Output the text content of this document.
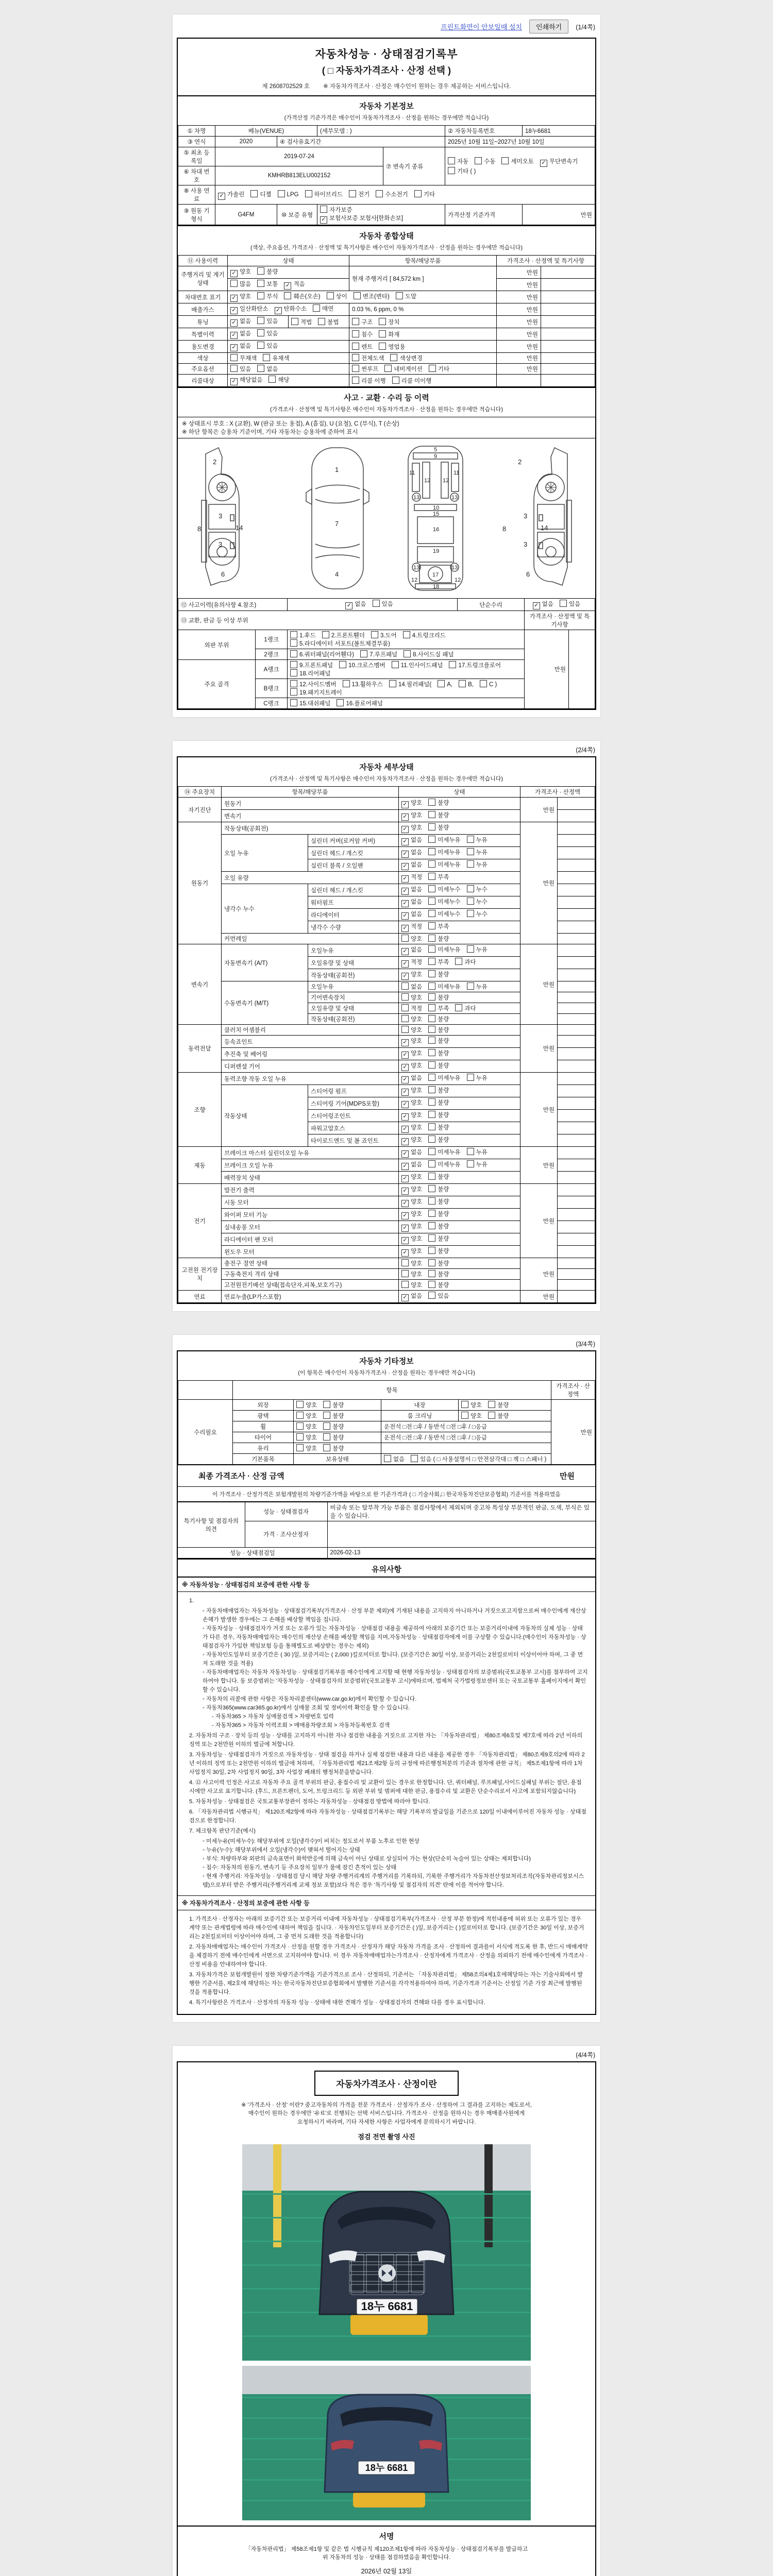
프린트화면이 안보일때 설치	인쇄하기	(1/4쪽)
자동차성능 · 상태점검기록부
( □ 자동차가격조사 · 산정 선택 )
제 2608702529 호 ※ 자동차가격조사 · 산정은 매수인이 원하는 경우 제공하는 서비스입니다.
자동차 기본정보
(가격산정 기준가격은 매수인이 자동차가격조사 · 산정을 원하는 경우에만 적습니다)
① 차명	베뉴(VENUE)		(세부모델 : )		② 자동차등록번호	18누6681
③ 연식	2020	④ 검사유효기간			2025년 10월 11일~2027년 10월 10일	
⑤ 최초 등록일	2019-07-24			⑦ 변속기 종류	자동 수동 세미오토 ✓ 무단변속기기타 ( )	
⑥ 차대 번호	KMHRB813ELU002152					
⑧ 사용 연료	✓ 가솔린 디젤 LPG 하이브리드 전기 수소전기 기타					
⑨ 원동 기형식	G4FM	⑩ 보증 유형	자가보증✓ 보험사보증 보험사[한화손보]		가격산정 기준가격	만원
자동차 종합상태
(색상, 주요옵션, 가격조사 · 산정액 및 특기사항은 매수인이 자동차가격조사 · 산정을 원하는 경우에만 적습니다)
⑪ 사용이력	상태		항목/해당부품	가격조사 · 산정액 및 특기사항	
주행거리 및 계기상태	✓ 양호 불량		현재 주행거리 [ 84,572 km ]	만원	
	많음 보통 ✓ 적음			만원	
차대번호 표기	✓ 양호 부식 훼손(오손) 상이 변조(변타) 도말			만원	
배출가스	✓ 일산화탄소 ✓ 탄화수소 매연		0.03 %, 6 ppm, 0 %	만원	
튜닝	✓ 없음 있음	적법 불법	구조 장치	만원	
특별이력	✓ 없음 있음		침수 화재	만원	
용도변경	✓ 없음 있음		렌트 영업용	만원	
색상	무채색 유채색		전체도색 색상변경	만원	
주요옵션	있음 없음		썬루프 네비게이션 기타	만원	
리콜대상	✓ 해당없음 해당		리콜 이행 리콜 미이행		
사고 · 교환 · 수리 등 이력
(가격조사 · 산정액 및 특기사항은 매수인이 자동차가격조사 · 산정을 원하는 경우에만 적습니다)
※ 상태표시 부호 : X (교환), W (판금 또는 용접), A (흠집), U (요철), C (부식), T (손상)
※ 하단 항목은 승용차 기준이며, 기타 자동차는 승용차에 준하여 표시
2
3
3
8	14
6
1
7
4
5
9
11	11
12 12
13	13
10
15
16
19
13	13
12	12
17
18
2
3
3
8	14
6
⑫ 사고이력(유의사항 4.참조)		✓ 없음 있음	단순수리	✓ 없음 있음	
⑬ 교환, 판금 등 이상 부위				가격조사 · 산정액 및 특기사항	
외판 부위	1랭크	1.후드 2.프론트휀더 3.도어 4.트렁크리드5.라디에이터 서포트(볼트체결부품)		만원	
	2랭크	6.쿼터패널(리어휀다) 7.루프패널 8.사이드실 패널			
주요 골격	A랭크	9.프론트패널 10.크로스멤버 11.인사이드패널 17.트렁크플로어18.리어패널			
	B랭크	12.사이드멤버 13.휠하우스 14.필러패널( A, B, C )19.패키지트레이			
	C랭크	15.대쉬패널 16.플로어패널			
(2/4쪽)
자동차 세부상태
(가격조사 · 산정액 및 특기사항은 매수인이 자동차가격조사 · 산정을 원하는 경우에만 적습니다)
⑭ 주요장치	항목/해당부품		상태	가격조사 · 산정액	
자기진단	원동기		✓ 양호 불량	만원	
	변속기		✓ 양호 불량		
원동기	작동상태(공회전)		✓ 양호 불량	만원	
	오일 누유	실린더 커버(로커암 커버)	✓ 없음 미세누유 누유		
		실린더 헤드 / 개스킷	✓ 없음 미세누유 누유		
		실린더 블록 / 오일팬	✓ 없음 미세누유 누유		
	오일 유량		✓ 적정 부족		
	냉각수 누수	실린더 헤드 / 개스킷	✓ 없음 미세누수 누수		
		워터펌프	✓ 없음 미세누수 누수		
		라디에이터	✓ 없음 미세누수 누수		
		냉각수 수량	✓ 적정 부족		
	커먼레일		양호 불량		
변속기	자동변속기 (A/T)	오일누유	✓ 없음 미세누유 누유	만원	
		오일유량 및 상태	✓ 적정 부족 과다		
		작동상태(공회전)	✓ 양호 불량		
	수동변속기 (M/T)	오일누유	없음 미세누유 누유		
		기어변속장치	양호 불량		
		오일유량 및 상태	적정 부족 과다		
		작동상태(공회전)	양호 불량		
동력전달	클러치 어셈블리		양호 불량	만원	
	등속죠인트		✓ 양호 불량		
	추진축 및 베어링		✓ 양호 불량		
	디퍼렌셜 기어		✓ 양호 불량		
조향	동력조향 작동 오일 누유		✓ 없음 미세누유 누유	만원	
	작동상태	스티어링 펌프	✓ 양호 불량		
		스티어링 기어(MDPS포함)	✓ 양호 불량		
		스티어링조인트	✓ 양호 불량		
		파워고압호스	✓ 양호 불량		
		타이로드엔드 및 볼 죠인트	✓ 양호 불량		
제동	브레이크 마스터 실린더오일 누유		✓ 없음 미세누유 누유	만원	
	브레이크 오일 누유		✓ 없음 미세누유 누유		
	배력장치 상태		✓ 양호 불량		
전기	발전기 출력		✓ 양호 불량	만원	
	시동 모터		✓ 양호 불량		
	와이퍼 모터 기능		✓ 양호 불량		
	실내송풍 모터		✓ 양호 불량		
	라디에이터 팬 모터		✓ 양호 불량		
	윈도우 모터		✓ 양호 불량		
고전원 전기장치	충전구 절연 상태		양호 불량	만원	
	구동축전지 격리 상태		양호 불량		
	고전원전기배선 상태(접속단자,피복,보호기구)		양호 불량		
연료	연료누출(LP가스포함)		✓ 없음 있음	만원	
(3/4쪽)
자동차 기타정보
(이 항목은 매수인이 자동차가격조사 · 산정을 원하는 경우에만 적습니다)
	항목				가격조사 · 산 정액
수리필요	외장	양호 불량	내장	양호 불량	만원
	광택	양호 불량	룸 크리닝	양호 불량	
	휠	양호 불량	운전석 □전 □후 / 동반석 □전 □후 / □응급		
	타이어	양호 불량	운전석 □전 □후 / 동반석 □전 □후 / □응급		
	유리	양호 불량			
	기본품목	보유상태	없음 있음 ( □ 사용설명서 □ 안전삼각대 □ 잭 □ 스패너 )		
최종 가격조사 · 산정 금액	만원

이 가격조사 · 산정가격은 보험개발원의 차량기준가액을 바탕으로 한 기준가격과 ( □ 기술사회,□ 한국자동차진단보증협회) 기준서를 적용하였음
특기사항 및 점검자의 의견	성능 · 상태점검자	비금속 또는 탈부착 가능 부품은 점검사항에서 제외되며 중고차 특성상 부분적인 판금, 도색, 부식은 있을 수 있습니다.
	가격 · 조사산정자	
성능 · 상태점검일		2026-02-13
유의사항
※ 자동차성능 · 상태점검의 보증에 관한 사항 등
1.
◦ 자동차매매업자는 자동차성능 · 상태점검기록부(가격조사 · 산정 부분 제외)에 기재된 내용을 고지하지 아니하거나 거짓으로고지함으로써 매수인에게 재산상 손해가 발생한 경우에는 그 손해를 배상할 책임을 집니다.
◦ 자동차성능 · 상태점검자가 거짓 또는 오류가 있는 자동차성능 · 상태점검 내용을 제공하여 아래의 보증기간 또는 보증거리이내에 자동차의 실제 성능 · 상태가 다른 경우, 자동차매매업자는 매수인의 재산상 손해를 배상할 책임을 지며,자동차성능 · 상태점검자에게 이를 구상할 수 있습니다.(매수인이 자동차성능 · 상태점검자가 가입한 책임보험 등을 통해별도로 배상받는 경우는 제외)
◦ 자동차인도일부터 보증기간은 ( 30 )일, 보증거리는 ( 2,000 )킬로미터로 합니다. (보증기간은 30일 이상, 보증거리는 2천킬로미터 이상이어야 하며, 그 중 먼저 도래한 것을 적용)
◦ 자동차매매업자는 자동차 자동차성능 · 상태점검기록부를 매수인에게 고지할 때 현행 자동차성능 · 상태점검자의 보증범위(국토교통부 고시)를 첨부하여 고지하여야 합니다. 동 보증범위는 '자동차성능 · 상태점검자의 보증범위'(국토교통부 고시)에따르며, 법제처 국가법령정보센터 또는 국토교통부 홈페이지에서 확인할 수 있습니다.
◦ 자동차의 리콜에 관한 사항은 자동차리콜센터(www.car.go.kr)에서 확인할 수 있습니다.
◦ 자동차365(www.car365.go.kr)에서 실매물 조회 및 정비이력 확인을 할 수 있습니다.
- 자동차365 > 자동차 실매물검색 > 차량번호 입력
- 자동차365 > 자동차 이력조회 > 매매용차량조회 > 자동차등록번호 검색
2. 자동차의 구조 · 장치 등의 성능 · 상태를 고지하지 아니한 자나 점검한 내용을 거짓으로 고지한 자는 「자동차관리법」 제80조제6호및 제7호에 따라 2년 이하의 징역 또는 2천만원 이하의 벌금에 처합니다.
3. 자동차성능 · 상태점검자가 거짓으로 자동차성능 · 상태 점검을 하거나 실제 점검한 내용과 다른 내용을 제공한 경우 「자동차관리법」 제80조제9호의2에 따라 2년 이하의 징역 또는 2천만원 이하의 벌금에 처하며, 「자동차관리법 제21조제2항 등의 규정에 따른행정처분의 기준과 절차에 관한 규칙」 제5조제1항에 따라 1차 사업정지 30일, 2차 사업정지 90일, 3차 사업장 폐쇄의 행정처분을받습니다.
4. ⑫ 사고이력 인정은 사고로 자동차 주요 골격 부위의 판금, 용접수리 및 교환이 있는 경우로 한정합니다. 단, 쿼터패널, 루프패널,사이드실패널 부위는 절단, 용접 시에만 사고로 표기합니다. (후드, 프론트펜더, 도어, 트렁크리드 등 외판 부위 및 범퍼에 대한 판금, 용접수리 및 교환은 단순수리로서 사고에 포함되지않습니다)
5. 자동차성능 · 상태점검은 국토교통부장관이 정하는 자동차성능 · 상태점검 방법에 따라야 합니다.
6. 「자동차관리법 시행규칙」 제120조제2항에 따라 자동차성능 · 상태점검기록부는 해당 기록부의 발급일을 기준으로 120일 이내에이루어진 자동차 성능 · 상태점검으로 한정합니다.
7. 체크항목 판단기준(예시)
◦ 미세누유(미세누수): 해당부위에 오일(냉각수)이 비치는 정도로서 부품 노후로 인한 현상
◦ 누유(누수): 해당부위에서 오일(냉각수)이 맺혀서 떨어지는 상태
◦ 부식: 차량하부와 외판의 금속표면이 화학반응에 의해 금속이 아닌 상태로 상실되어 가는 현상(단순히 녹슬어 있는 상태는 제외합니다)
◦ 침수: 자동차의 원동기, 변속기 등 주요장치 일부가 물에 잠긴 흔적이 있는 상태
◦ 현재 주행거리: 자동차성능 · 상태점검 당시 해당 차량 주행거리계의 주행거리를 기록하되, 기록한 주행거리가 자동차전산정보처리조직(자동차관리정보시스템)으로부터 받은 주행거리(주행거리계 교체 정보 포함)보다 적은 경우 '특기사항 및 점검자의 의견' 란에 이를 적어야 합니다.
※ 자동차가격조사 · 산정의 보증에 관한 사항 등
1. 가격조사 · 산정자는 아래의 보증기간 또는 보증거리 이내에 자동차성능 · 상태점검기록부(가격조사 · 산정 부분 한정)에 적힌내용에 허위 또는 오류가 있는 경우 계약 또는 관계법령에 따라 매수인에 대하여 책임을 집니다. · 자동차인도일부터 보증기간은 ( )일, 보증거리는 ( )킬로미터로 합니다. (보증기간은 30일 이상, 보증거리는 2천킬로미터 이상이어야 하며, 그 중 먼저 도래한 것을 적용합니다)
2. 자동차매매업자는 매수인이 가격조사 · 산정을 원할 경우 가격조사 · 산정자가 해당 자동차 가격을 조사 · 산정하여 결과를이 서식에 적도록 한 후, 반드시 매매계약을 체결하기 전에 매수인에게 서면으로 고지하여야 합니다. 이 경우 자동차매매업자는가격조사 · 산정자에게 가격조사 · 산정을 의뢰하기 전에 매수인에게 가격조사 · 산정 비용을 안내하여야 합니다.
3. 자동차가격은 보험개발원이 정한 차량기준가액을 기준가격으로 조사 · 산정하되, 기준서는 「자동차관리법」 제58조의4제1호에해당하는 자는 기술사회에서 발행한 기준서를, 제2호에 해당하는 자는 한국자동차진단보증협회에서 발행한 기준서를 각각적용하여야 하며, 기준가격과 기준서는 산정일 기준 가장 최근에 발행된 것을 적용합니다.
4. 특기사항란은 가격조사 · 산정자의 자동차 성능 · 상태에 대한 견해가 성능 · 상태점검자의 견해와 다를 경우 표시합니다.
(4/4쪽)
자동차가격조사 · 산정이란
※ '가격조사 · 산정' 이란? 중고자동차의 가격을 전문 가격조사 · 산정자가 조사 · 산정하여 그 결과를 고지하는 제도로서,
매수인이 원하는 경우에만 '유료'로 진행되는 선택 서비스입니다. 가격조사 · 산정을 원하시는 경우 매매종사원에게
요청하시기 바라며, 기타 자세한 사항은 사업자에게 문의하시기 바랍니다.
점검 전면 촬영 사진
18누 6681
18누 6681
서명
「자동차관리법」 제58조제1항 및 같은 법 시행규칙 제120조제1항에 따라 자동차성능 · 상태점검기록부를 발급하고
위 자동차의 성능 · 상태를 점검하였음을 확인합니다.
2026년 02월 13일
